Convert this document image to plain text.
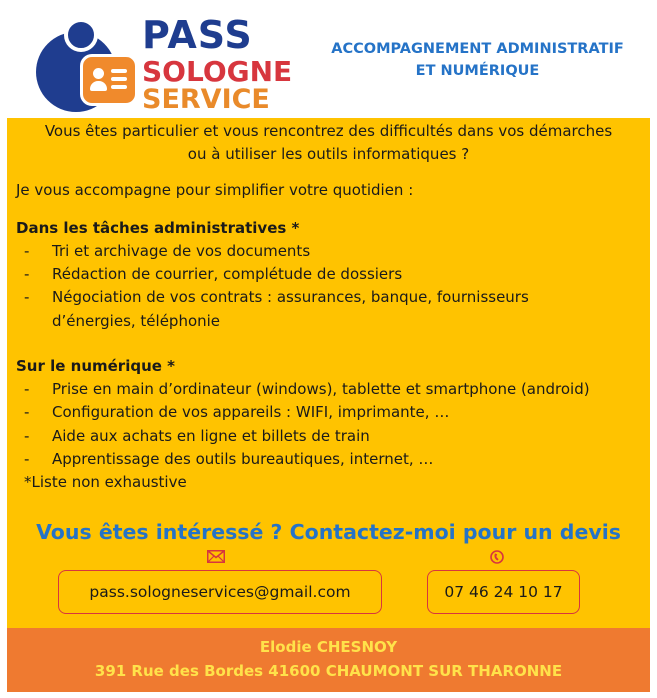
PASS
SOLOGNE
SERVICE
ACCOMPAGNEMENT ADMINISTRATIF
ET NUMÉRIQUE
Vous êtes particulier et vous rencontrez des difficultés dans vos démarches
ou à utiliser les outils informatiques ?
Je vous accompagne pour simplifier votre quotidien :
Dans les tâches administratives *
- Tri et archivage de vos documents
- Rédaction de courrier, complétude de dossiers
- Négociation de vos contrats : assurances, banque, fournisseurs
d’énergies, téléphonie
Sur le numérique *
- Prise en main d’ordinateur (windows), tablette et smartphone (android)
- Configuration de vos appareils : WIFI, imprimante, …
- Aide aux achats en ligne et billets de train
- Apprentissage des outils bureautiques, internet, …
*Liste non exhaustive
Vous êtes intéressé ? Contactez-moi pour un devis
pass.sologneservices@gmail.com	07 46 24 10 17
Elodie CHESNOY
391 Rue des Bordes 41600 CHAUMONT SUR THARONNE
